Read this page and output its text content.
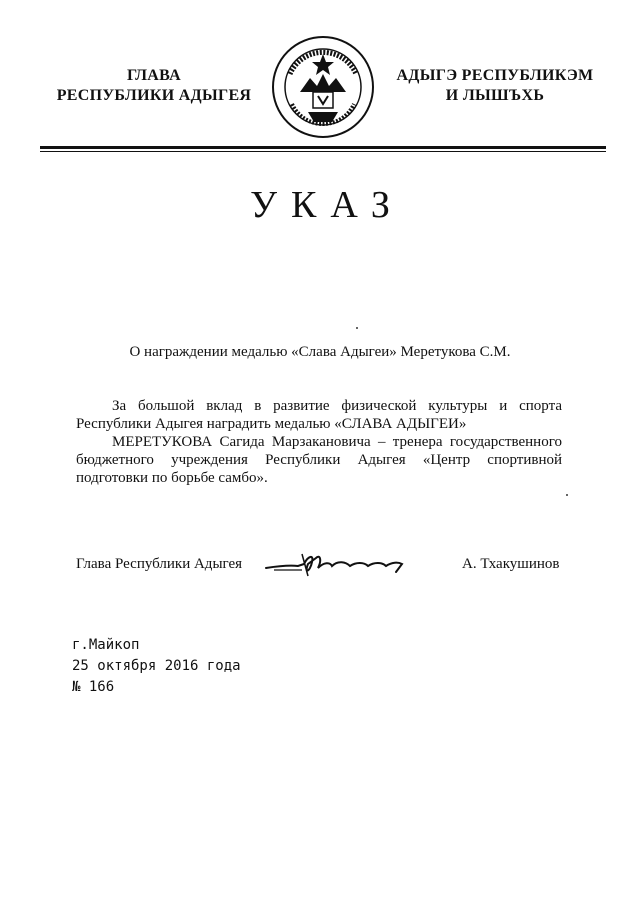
ГЛАВА
РЕСПУБЛИКИ АДЫГЕЯ
АДЫГЭ РЕСПУБЛИКЭМ
И ЛЫШЪХЬ
УКАЗ
О награждении медалью «Слава Адыгеи» Меретукова С.М.

За большой вклад в развитие физической культуры и спорта Республики Адыгея наградить медалью «СЛАВА АДЫГЕИ»

МЕРЕТУКОВА Сагида Марзакановича – тренера государственного бюджетного учреждения Республики Адыгея «Центр спортивной подготовки по борьбе самбо».

Глава Республики Адыгея	А. Тхакушинов
г.Майкоп
25 октября 2016 года
№ 166
